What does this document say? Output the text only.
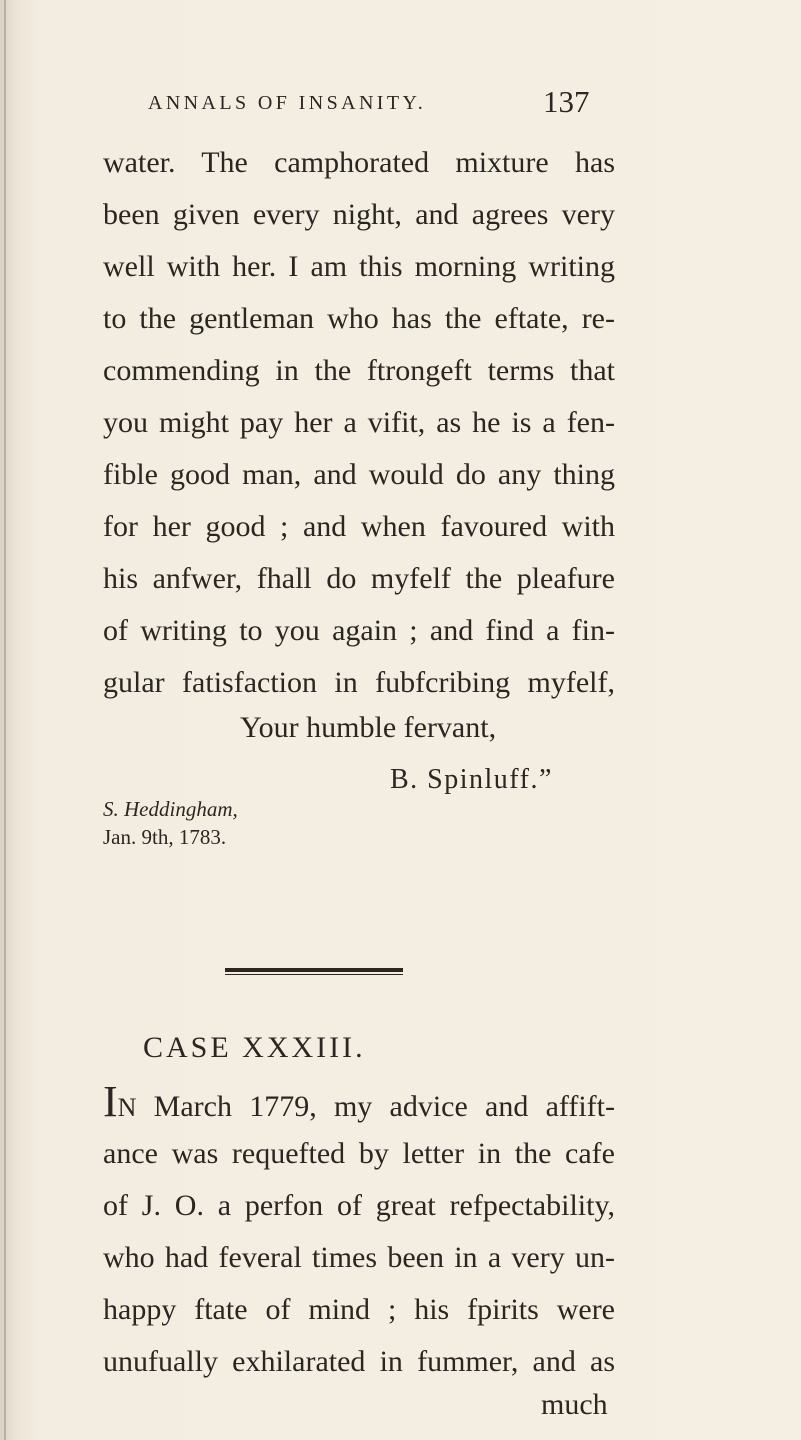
ANNALS OF INSANITY.	137
water. The camphorated mixture has
been given every night, and agrees very
well with her. I am this morning writing
to the gentleman who has the eftate, re-
commending in the ftrongeft terms that
you might pay her a vifit, as he is a fen-
fible good man, and would do any thing
for her good ; and when favoured with
his anfwer, fhall do myfelf the pleafure
of writing to you again ; and find a fin-
gular fatisfaction in fubfcribing myfelf,
Your humble fervant,
B. Spinluff.”
S. Heddingham,
Jan. 9th, 1783.
CASE XXXIII.
IN March 1779, my advice and affift-
ance was requefted by letter in the cafe
of J. O. a perfon of great refpectability,
who had feveral times been in a very un-
happy ftate of mind ; his fpirits were
unufually exhilarated in fummer, and as
much
